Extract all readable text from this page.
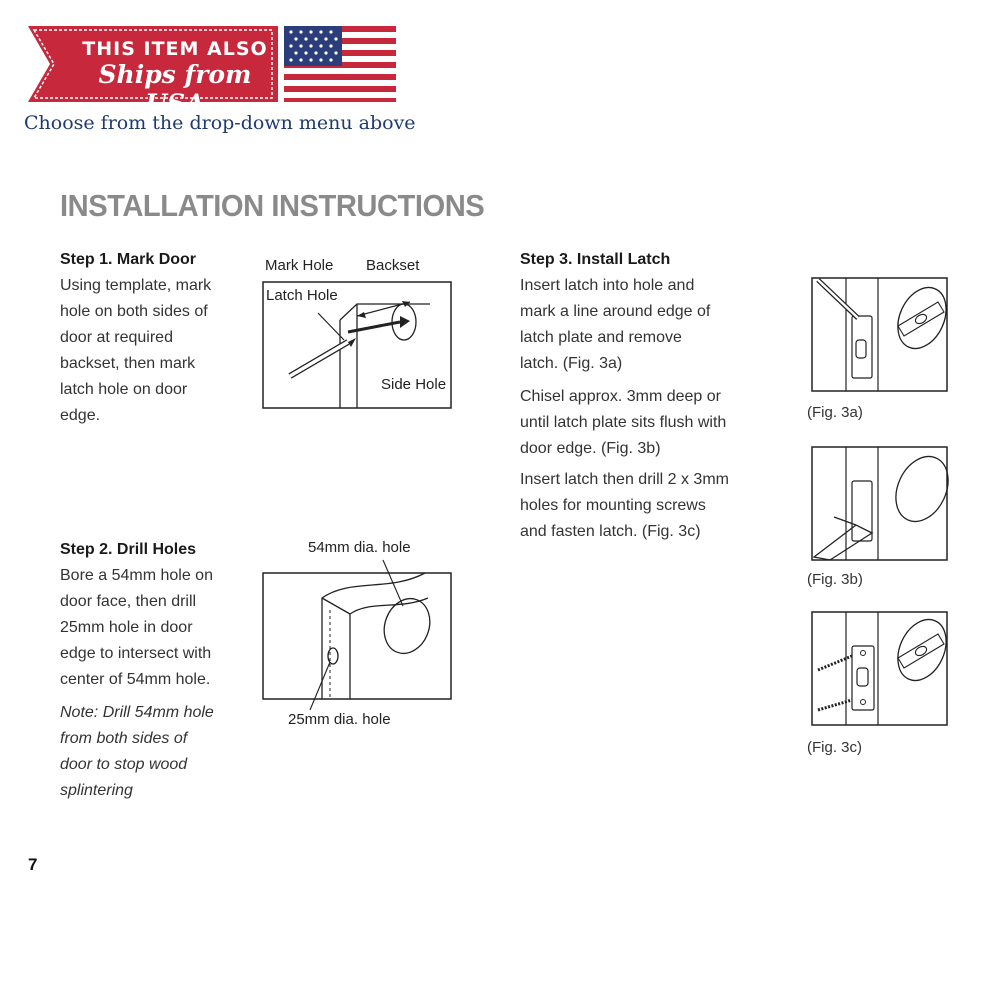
THIS ITEM ALSO
Ships from USA
Choose from the drop-down menu above
INSTALLATION INSTRUCTIONS
Step 1. Mark Door
Using template, mark
hole on both sides of
door at required
backset, then mark
latch hole on door
edge.
Mark Hole Backset
Latch Hole
Side Hole
Step 2. Drill Holes
Bore a 54mm hole on
door face, then drill
25mm hole in door
edge to intersect with
center of 54mm hole.
Note: Drill 54mm hole
from both sides of
door to stop wood
splintering
54mm dia. hole
25mm dia. hole
Step 3. Install Latch
Insert latch into hole and
mark a line around edge of
latch plate and remove
latch. (Fig. 3a)
Chisel approx. 3mm deep or
until latch plate sits flush with
door edge. (Fig. 3b)
Insert latch then drill 2 x 3mm
holes for mounting screws
and fasten latch. (Fig. 3c)
(Fig. 3a)
(Fig. 3b)
(Fig. 3c)
7
